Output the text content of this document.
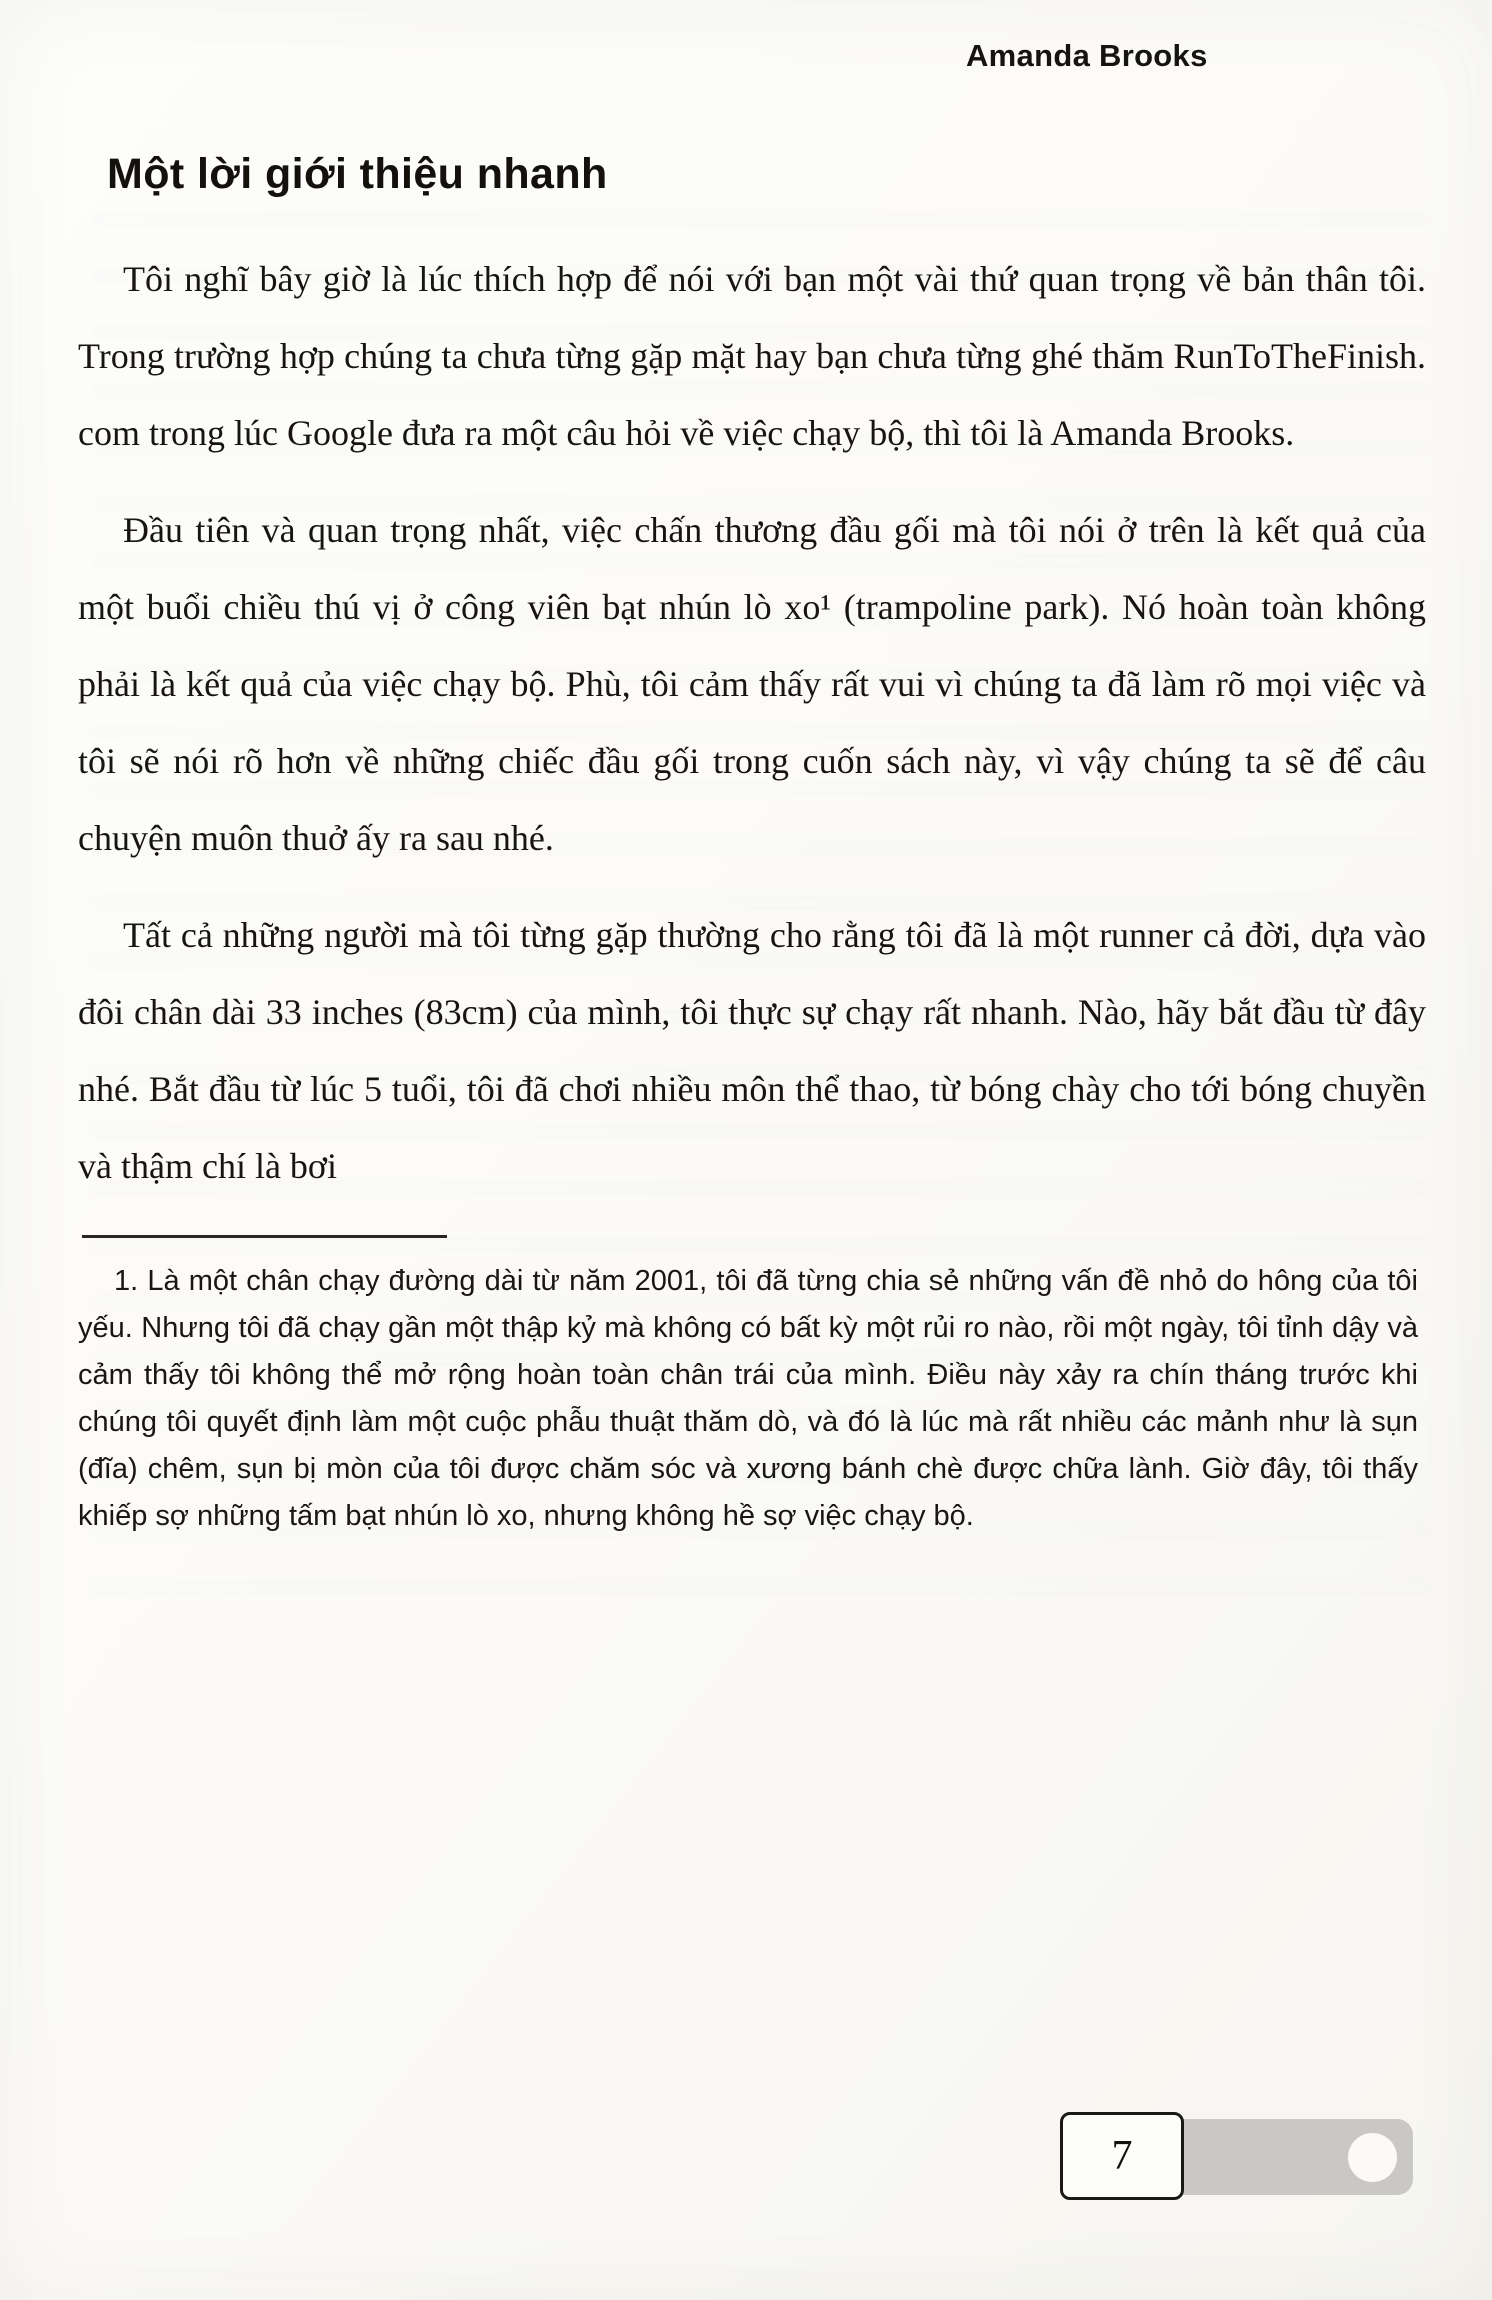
Amanda Brooks
Một lời giới thiệu nhanh

Tôi nghĩ bây giờ là lúc thích hợp để nói với bạn một vài thứ quan trọng về bản thân tôi. Trong trường hợp chúng ta chưa từng gặp mặt hay bạn chưa từng ghé thăm RunToTheFinish. com trong lúc Google đưa ra một câu hỏi về việc chạy bộ, thì tôi là Amanda Brooks.

Đầu tiên và quan trọng nhất, việc chấn thương đầu gối mà tôi nói ở trên là kết quả của một buổi chiều thú vị ở công viên bạt nhún lò xo¹ (trampoline park). Nó hoàn toàn không phải là kết quả của việc chạy bộ. Phù, tôi cảm thấy rất vui vì chúng ta đã làm rõ mọi việc và tôi sẽ nói rõ hơn về những chiếc đầu gối trong cuốn sách này, vì vậy chúng ta sẽ để câu chuyện muôn thuở ấy ra sau nhé.

Tất cả những người mà tôi từng gặp thường cho rằng tôi đã là một runner cả đời, dựa vào đôi chân dài 33 inches (83cm) của mình, tôi thực sự chạy rất nhanh. Nào, hãy bắt đầu từ đây nhé. Bắt đầu từ lúc 5 tuổi, tôi đã chơi nhiều môn thể thao, từ bóng chày cho tới bóng chuyền và thậm chí là bơi

1. Là một chân chạy đường dài từ năm 2001, tôi đã từng chia sẻ những vấn đề nhỏ do hông của tôi yếu. Nhưng tôi đã chạy gần một thập kỷ mà không có bất kỳ một rủi ro nào, rồi một ngày, tôi tỉnh dậy và cảm thấy tôi không thể mở rộng hoàn toàn chân trái của mình. Điều này xảy ra chín tháng trước khi chúng tôi quyết định làm một cuộc phẫu thuật thăm dò, và đó là lúc mà rất nhiều các mảnh như là sụn (đĩa) chêm, sụn bị mòn của tôi được chăm sóc và xương bánh chè được chữa lành. Giờ đây, tôi thấy khiếp sợ những tấm bạt nhún lò xo, nhưng không hề sợ việc chạy bộ.
7
